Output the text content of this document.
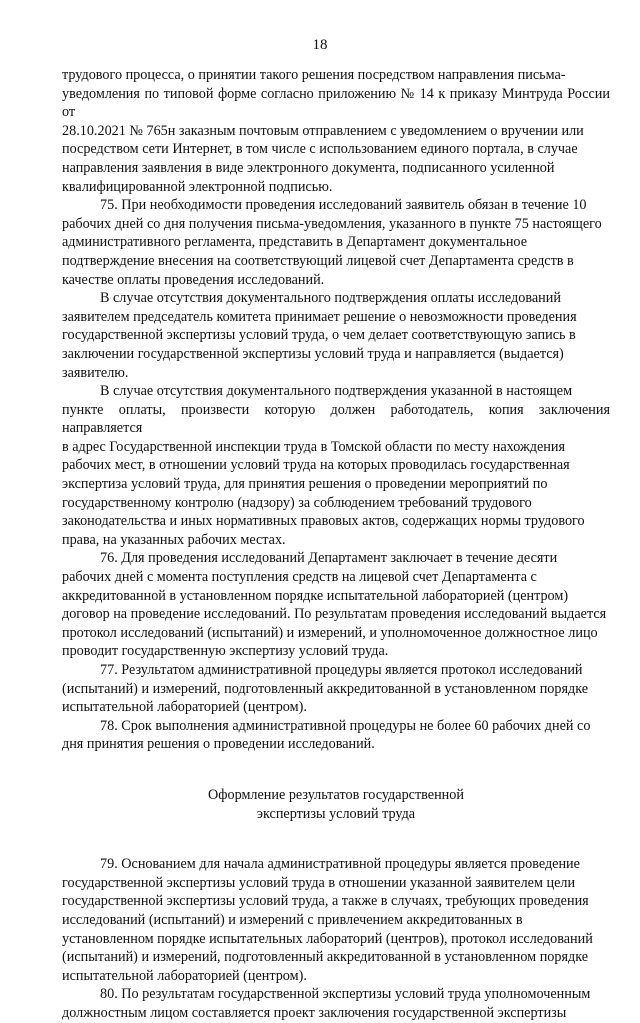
18

трудового процесса, о принятии такого решения посредством направления письма-
уведомления по типовой форме согласно приложению № 14 к приказу Минтруда России от
28.10.2021 № 765н заказным почтовым отправлением с уведомлением о вручении или
посредством сети Интернет, в том числе с использованием единого портала, в случае
направления заявления в виде электронного документа, подписанного усиленной
квалифицированной электронной подписью.

75. При необходимости проведения исследований заявитель обязан в течение 10
рабочих дней со дня получения письма-уведомления, указанного в пункте 75 настоящего
административного регламента, представить в Департамент документальное
подтверждение внесения на соответствующий лицевой счет Департамента средств в
качестве оплаты проведения исследований.

В случае отсутствия документального подтверждения оплаты исследований
заявителем председатель комитета принимает решение о невозможности проведения
государственной экспертизы условий труда, о чем делает соответствующую запись в
заключении государственной экспертизы условий труда и направляется (выдается)
заявителю.

В случае отсутствия документального подтверждения указанной в настоящем
пункте оплаты, произвести которую должен работодатель, копия заключения направляется
в адрес Государственной инспекции труда в Томской области по месту нахождения
рабочих мест, в отношении условий труда на которых проводилась государственная
экспертиза условий труда, для принятия решения о проведении мероприятий по
государственному контролю (надзору) за соблюдением требований трудового
законодательства и иных нормативных правовых актов, содержащих нормы трудового
права, на указанных рабочих местах.

76. Для проведения исследований Департамент заключает в течение десяти
рабочих дней с момента поступления средств на лицевой счет Департамента с
аккредитованной в установленном порядке испытательной лабораторией (центром)
договор на проведение исследований. По результатам проведения исследований выдается
протокол исследований (испытаний) и измерений, и уполномоченное должностное лицо
проводит государственную экспертизу условий труда.

77. Результатом административной процедуры является протокол исследований
(испытаний) и измерений, подготовленный аккредитованной в установленном порядке
испытательной лабораторией (центром).

78. Срок выполнения административной процедуры не более 60 рабочих дней со
дня принятия решения о проведении исследований.

Оформление результатов государственной

экспертизы условий труда

79. Основанием для начала административной процедуры является проведение
государственной экспертизы условий труда в отношении указанной заявителем цели
государственной экспертизы условий труда, а также в случаях, требующих проведения
исследований (испытаний) и измерений с привлечением аккредитованных в
установленном порядке испытательных лабораторий (центров), протокол исследований
(испытаний) и измерений, подготовленный аккредитованной в установленном порядке
испытательной лабораторией (центром).

80. По результатам государственной экспертизы условий труда уполномоченным
должностным лицом составляется проект заключения государственной экспертизы
